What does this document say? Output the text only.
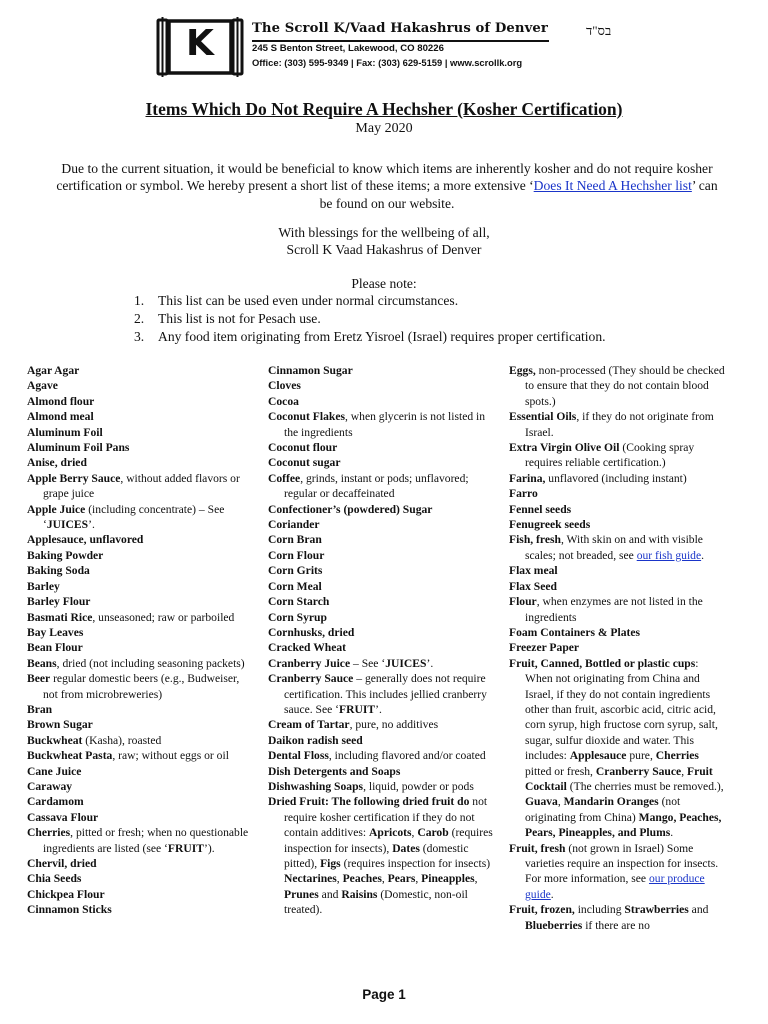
K	The Scroll K/Vaad Hakashrus of Denver
245 S Benton Street, Lakewood, CO 80226
Office: (303) 595-9349 | Fax: (303) 629-5159 | www.scrollk.org
בס"ד
Items Which Do Not Require A Hechsher (Kosher Certification)
May 2020
Due to the current situation, it would be beneficial to know which items are inherently kosher and do not require kosher certification or symbol. We hereby present a short list of these items; a more extensive ‘Does It Need A Hechsher list’ can be found on our website.
With blessings for the wellbeing of all,
Scroll K Vaad Hakashrus of Denver
Please note:
1. This list can be used even under normal circumstances.
2. This list is not for Pesach use.
3. Any food item originating from Eretz Yisroel (Israel) requires proper certification.
Agar Agar
Agave
Almond flour
Almond meal
Aluminum Foil
Aluminum Foil Pans
Anise, dried
Apple Berry Sauce, without added flavors or grape juice
Apple Juice (including concentrate) – See ‘JUICES’.
Applesauce, unflavored
Baking Powder
Baking Soda
Barley
Barley Flour
Basmati Rice, unseasoned; raw or parboiled
Bay Leaves
Bean Flour
Beans, dried (not including seasoning packets)
Beer regular domestic beers (e.g., Budweiser, not from microbreweries)
Bran
Brown Sugar
Buckwheat (Kasha), roasted
Buckwheat Pasta, raw; without eggs or oil
Cane Juice
Caraway
Cardamom
Cassava Flour
Cherries, pitted or fresh; when no questionable ingredients are listed (see ‘FRUIT’).
Chervil, dried
Chia Seeds
Chickpea Flour
Cinnamon Sticks
Cinnamon Sugar
Cloves
Cocoa
Coconut Flakes, when glycerin is not listed in the ingredients
Coconut flour
Coconut sugar
Coffee, grinds, instant or pods; unflavored; regular or decaffeinated
Confectioner’s (powdered) Sugar
Coriander
Corn Bran
Corn Flour
Corn Grits
Corn Meal
Corn Starch
Corn Syrup
Cornhusks, dried
Cracked Wheat
Cranberry Juice – See ‘JUICES’.
Cranberry Sauce – generally does not require certification. This includes jellied cranberry sauce. See ‘FRUIT’.
Cream of Tartar, pure, no additives
Daikon radish seed
Dental Floss, including flavored and/or coated
Dish Detergents and Soaps
Dishwashing Soaps, liquid, powder or pods
Dried Fruit: The following dried fruit do not require kosher certification if they do not contain additives: Apricots, Carob (requires inspection for insects), Dates (domestic pitted), Figs (requires inspection for insects) Nectarines, Peaches, Pears, Pineapples, Prunes and Raisins (Domestic, non-oil treated).
Eggs, non-processed (They should be checked to ensure that they do not contain blood spots.)
Essential Oils, if they do not originate from Israel.
Extra Virgin Olive Oil (Cooking spray requires reliable certification.)
Farina, unflavored (including instant)
Farro
Fennel seeds
Fenugreek seeds
Fish, fresh, With skin on and with visible scales; not breaded, see our fish guide.
Flax meal
Flax Seed
Flour, when enzymes are not listed in the ingredients
Foam Containers & Plates
Freezer Paper
Fruit, Canned, Bottled or plastic cups: When not originating from China and Israel, if they do not contain ingredients other than fruit, ascorbic acid, citric acid, corn syrup, high fructose corn syrup, salt, sugar, sulfur dioxide and water. This includes: Applesauce pure, Cherries pitted or fresh, Cranberry Sauce, Fruit Cocktail (The cherries must be removed.), Guava, Mandarin Oranges (not originating from China) Mango, Peaches, Pears, Pineapples, and Plums.
Fruit, fresh (not grown in Israel) Some varieties require an inspection for insects. For more information, see our produce guide.
Fruit, frozen, including Strawberries and Blueberries if there are no
Page 1
